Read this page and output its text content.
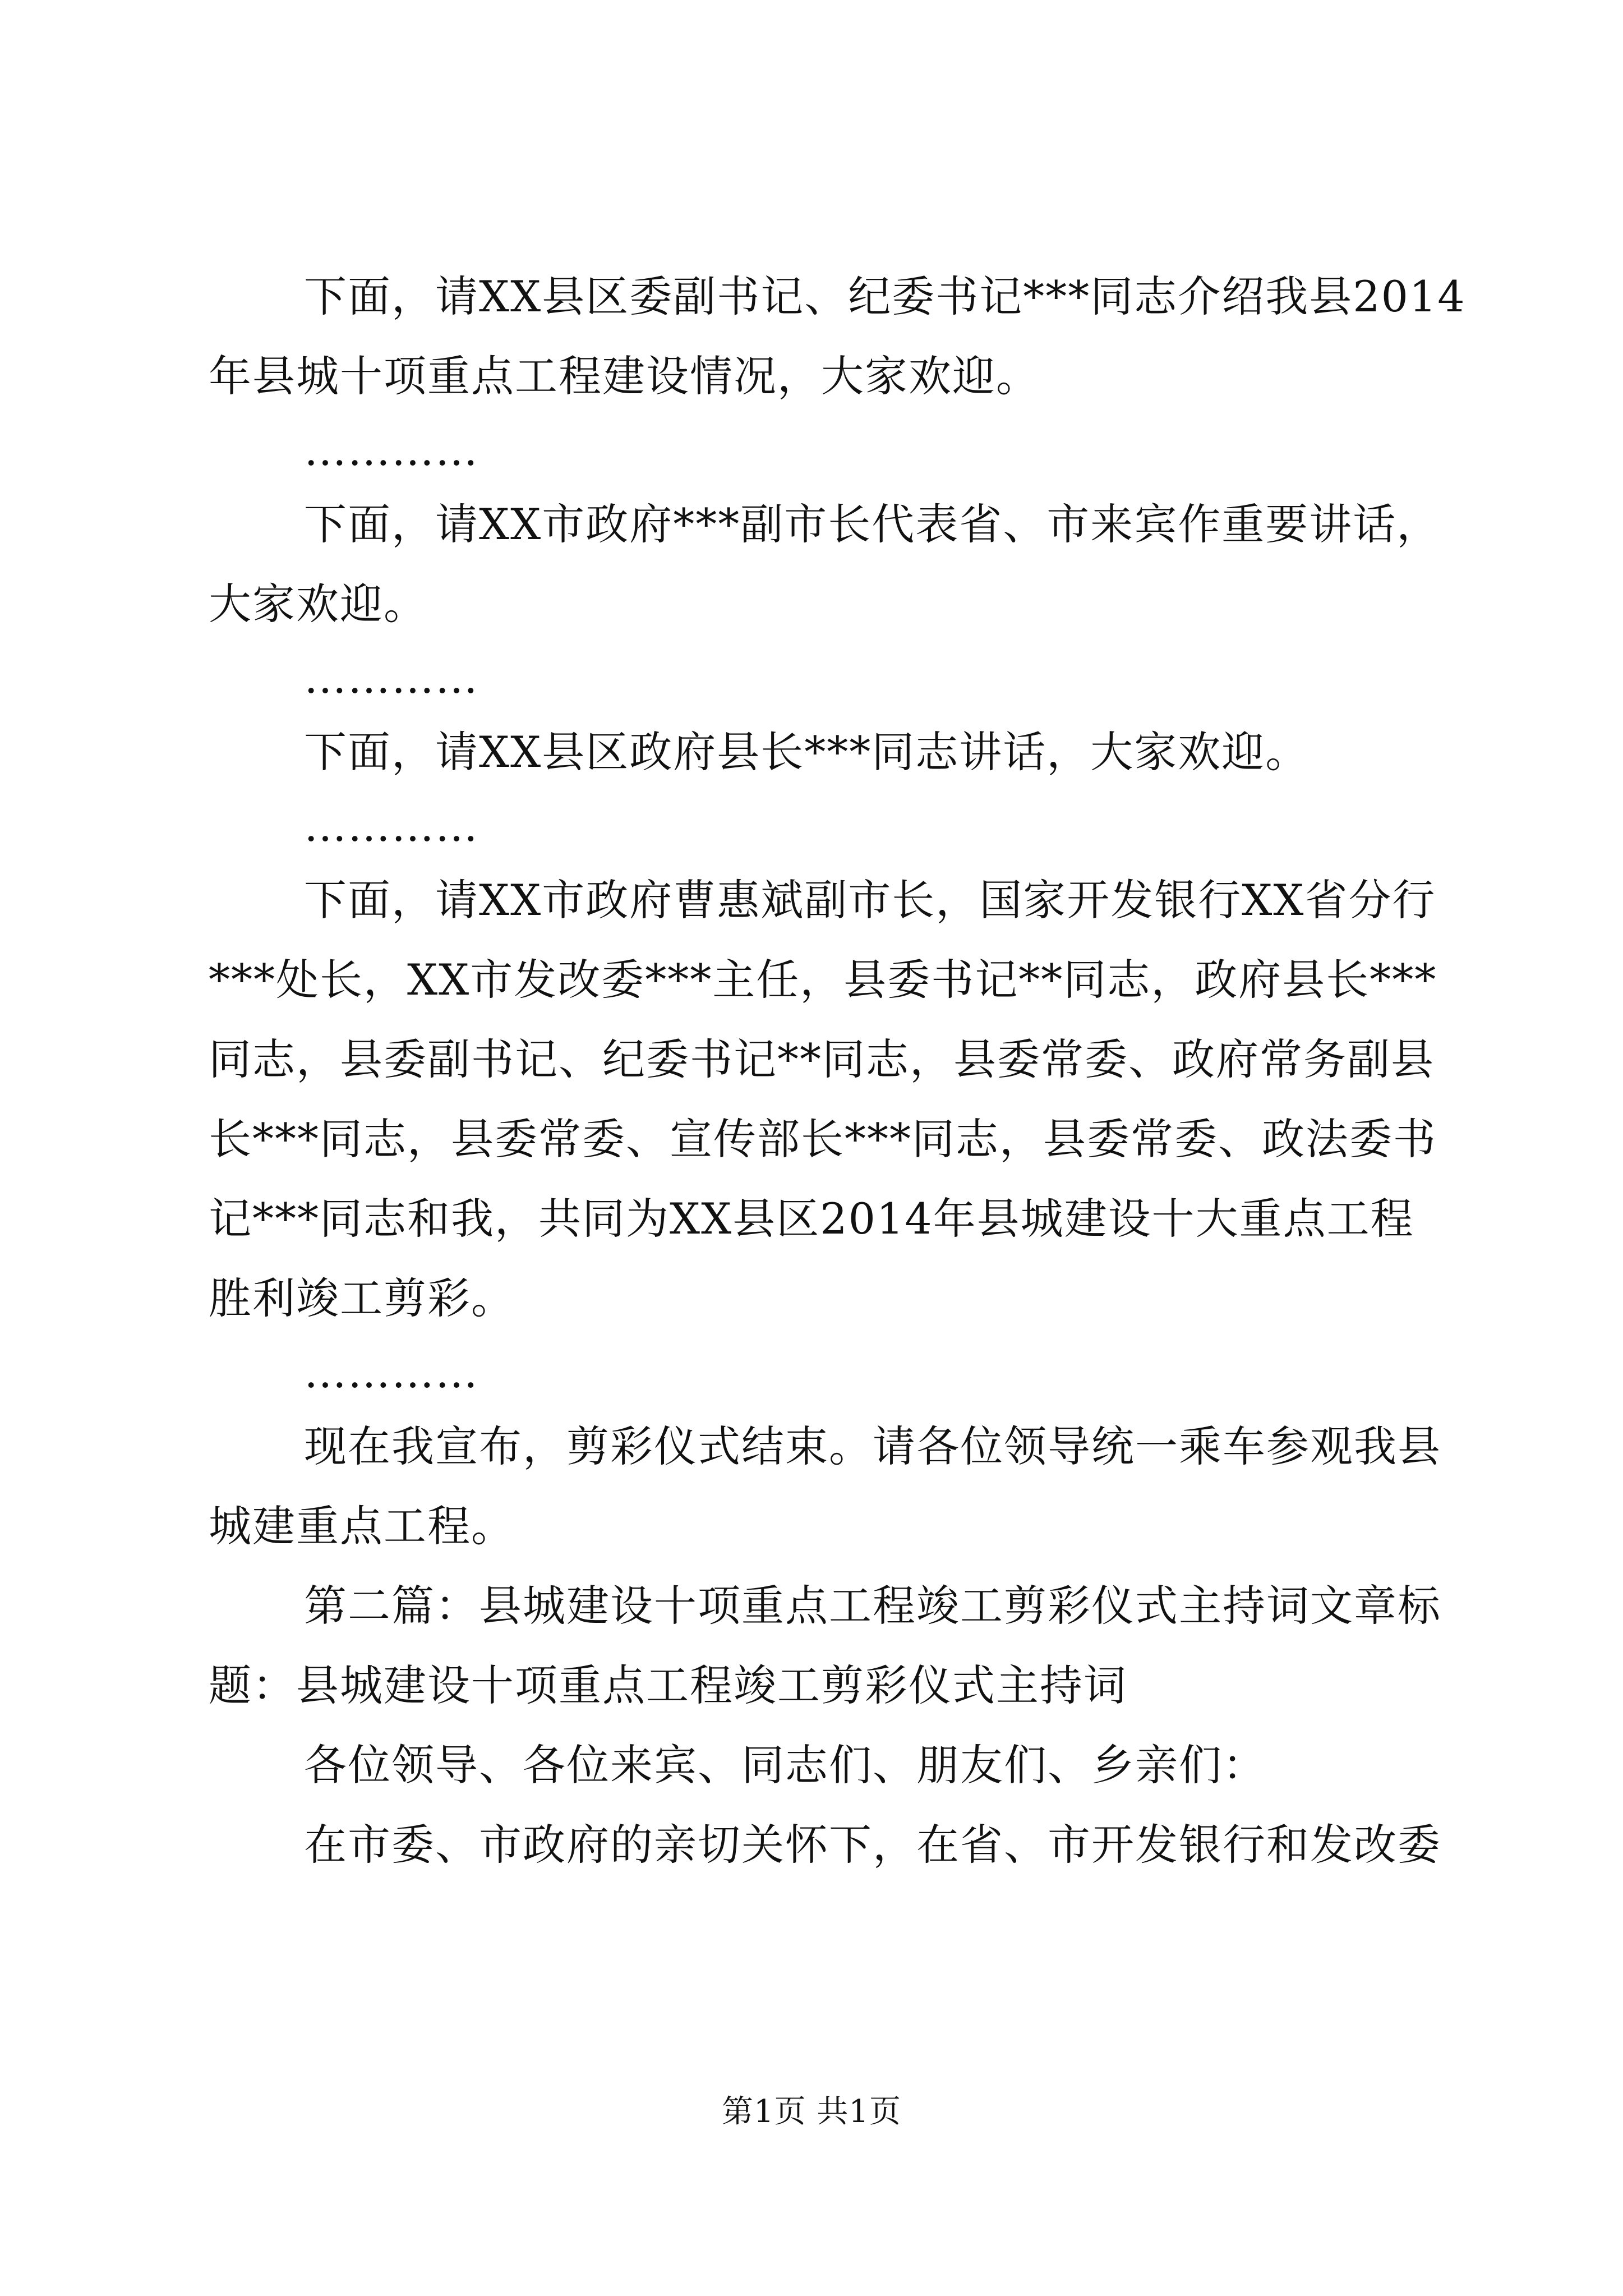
下面，请XX县区委副书记、纪委书记***同志介绍我县2014
年县城十项重点工程建设情况，大家欢迎。
…………
下面，请XX市政府***副市长代表省、市来宾作重要讲话，
大家欢迎。
…………
下面，请XX县区政府县长***同志讲话，大家欢迎。
…………
下面，请XX市政府曹惠斌副市长，国家开发银行XX省分行
***处长，XX市发改委***主任，县委书记**同志，政府县长***
同志，县委副书记、纪委书记**同志，县委常委、政府常务副县
长***同志，县委常委、宣传部长***同志，县委常委、政法委书
记***同志和我，共同为XX县区2014年县城建设十大重点工程
胜利竣工剪彩。
…………
现在我宣布，剪彩仪式结束。请各位领导统一乘车参观我县
城建重点工程。
第二篇：县城建设十项重点工程竣工剪彩仪式主持词文章标
题：县城建设十项重点工程竣工剪彩仪式主持词
各位领导、各位来宾、同志们、朋友们、乡亲们：
在市委、市政府的亲切关怀下，在省、市开发银行和发改委
第1页 共1页
